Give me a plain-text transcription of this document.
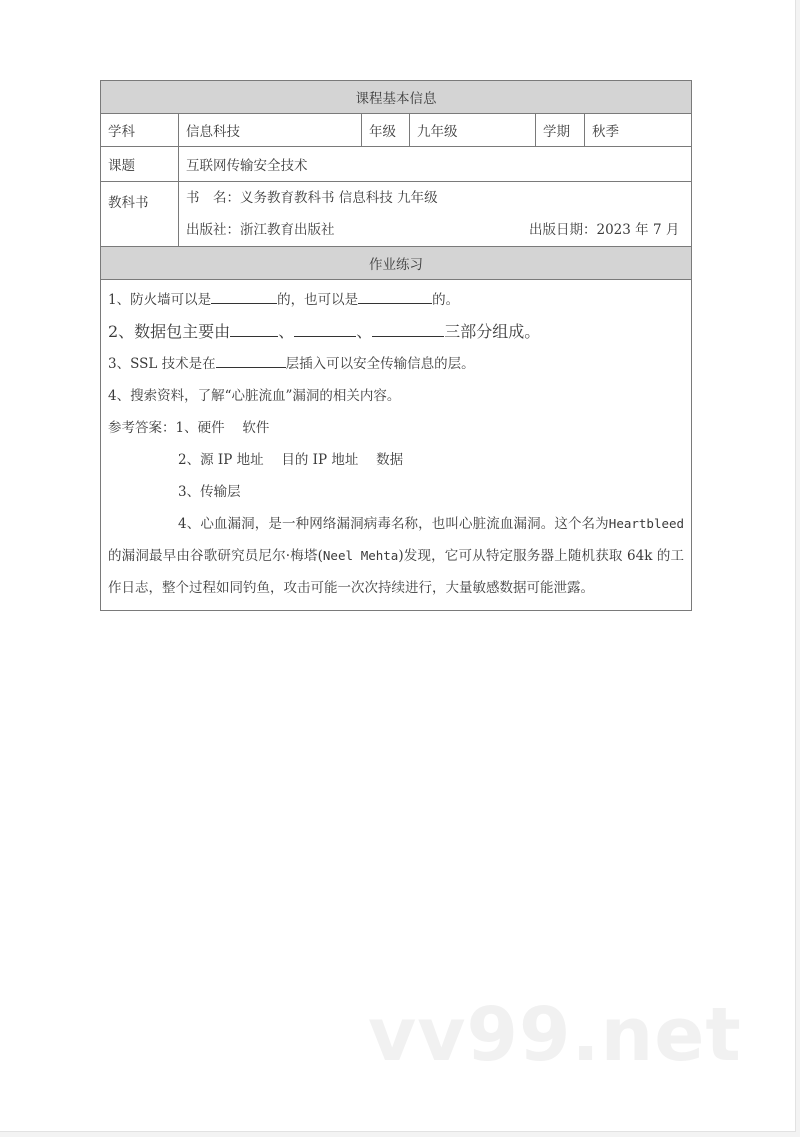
课程基本信息					
学科	信息科技	年级	九年级	学期	秋季
课题	互联网传输安全技术				
教科书	书　名：义务教育教科书 信息科技 九年级
出版社：浙江教育出版社 出版日期：2023 年 7 月				

作业练习					

1、防火墙可以是	的，也可以是	的。
2、数据包主要由	、	、	三部分组成。
3、SSL 技术是在	层插入可以安全传输信息的层。
4、搜索资料，了解“心脏流血”漏洞的相关内容。
参考答案：1、硬件　 软件
2、源 IP 地址　 目的 IP 地址　 数据
3、传输层
4、心血漏洞，是一种网络漏洞病毒名称，也叫心脏流血漏洞。这个名为Heartbleed的漏洞最早由谷歌研究员尼尔·梅塔(Neel Mehta)发现，它可从特定服务器上随机获取 64k 的工作日志，整个过程如同钓鱼，攻击可能一次次持续进行，大量敏感数据可能泄露。
vv99.net
